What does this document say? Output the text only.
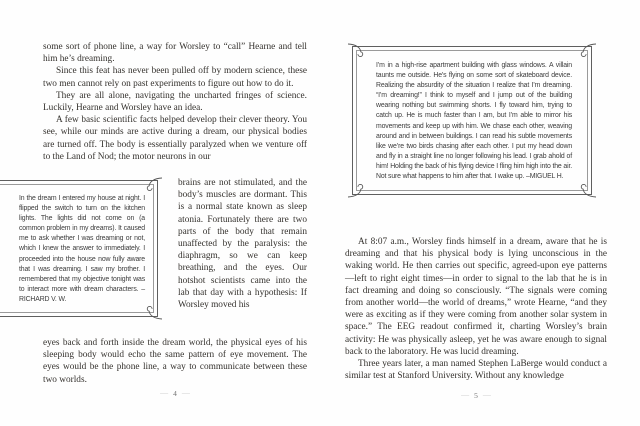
some sort of phone line, a way for Worsley to “call” Hearne and tell him he’s dreaming.

Since this feat has never been pulled off by modern science, these two men cannot rely on past experiments to figure out how to do it.

They are all alone, navigating the uncharted fringes of science. Luckily, Hearne and Worsley have an idea.

A few basic scientific facts helped develop their clever theory. You see, while our minds are active during a dream, our physical bodies are turned off. The body is essentially paralyzed when we venture off to the Land of Nod; the motor neurons in our

In the dream I entered my house at night. I flipped the switch to turn on the kitchen lights. The lights did not come on (a common problem in my dreams). It caused me to ask whether I was dreaming or not, which I knew the answer to immediately. I proceeded into the house now fully aware that I was dreaming. I saw my brother. I remembered that my objective tonight was to interact more with dream characters. –RICHARD V. W.

brains are not stimulated, and the body’s muscles are dormant. This is a normal state known as sleep atonia. Fortunately there are two parts of the body that remain unaffected by the paralysis: the diaphragm, so we can keep breathing, and the eyes. Our hotshot scientists came into the lab that day with a hypothesis: If Worsley moved his

eyes back and forth inside the dream world, the physical eyes of his sleeping body would echo the same pattern of eye movement. The eyes would be the phone line, a way to communicate between these two worlds.

— 4 —

I’m in a high-rise apartment building with glass windows. A villain taunts me outside. He’s flying on some sort of skateboard device. Realizing the absurdity of the situation I realize that I’m dreaming. “I’m dreaming!” I think to myself and I jump out of the building wearing nothing but swimming shorts. I fly toward him, trying to catch up. He is much faster than I am, but I’m able to mirror his movements and keep up with him. We chase each other, weaving around and in between buildings. I can read his subtle movements like we’re two birds chasing after each other. I put my head down and fly in a straight line no longer following his lead. I grab ahold of him! Holding the back of his flying device I fling him high into the air. Not sure what happens to him after that. I wake up. –MIGUEL H.

At 8:07 a.m., Worsley finds himself in a dream, aware that he is dreaming and that his physical body is lying unconscious in the waking world. He then carries out specific, agreed-upon eye patterns—left to right eight times—in order to signal to the lab that he is in fact dreaming and doing so consciously. “The signals were coming from another world—the world of dreams,” wrote Hearne, “and they were as exciting as if they were coming from another solar system in space.” The EEG readout confirmed it, charting Worsley’s brain activity: He was physically asleep, yet he was aware enough to signal back to the laboratory. He was lucid dreaming.

Three years later, a man named Stephen LaBerge would conduct a similar test at Stanford University. Without any knowledge

— 5 —
